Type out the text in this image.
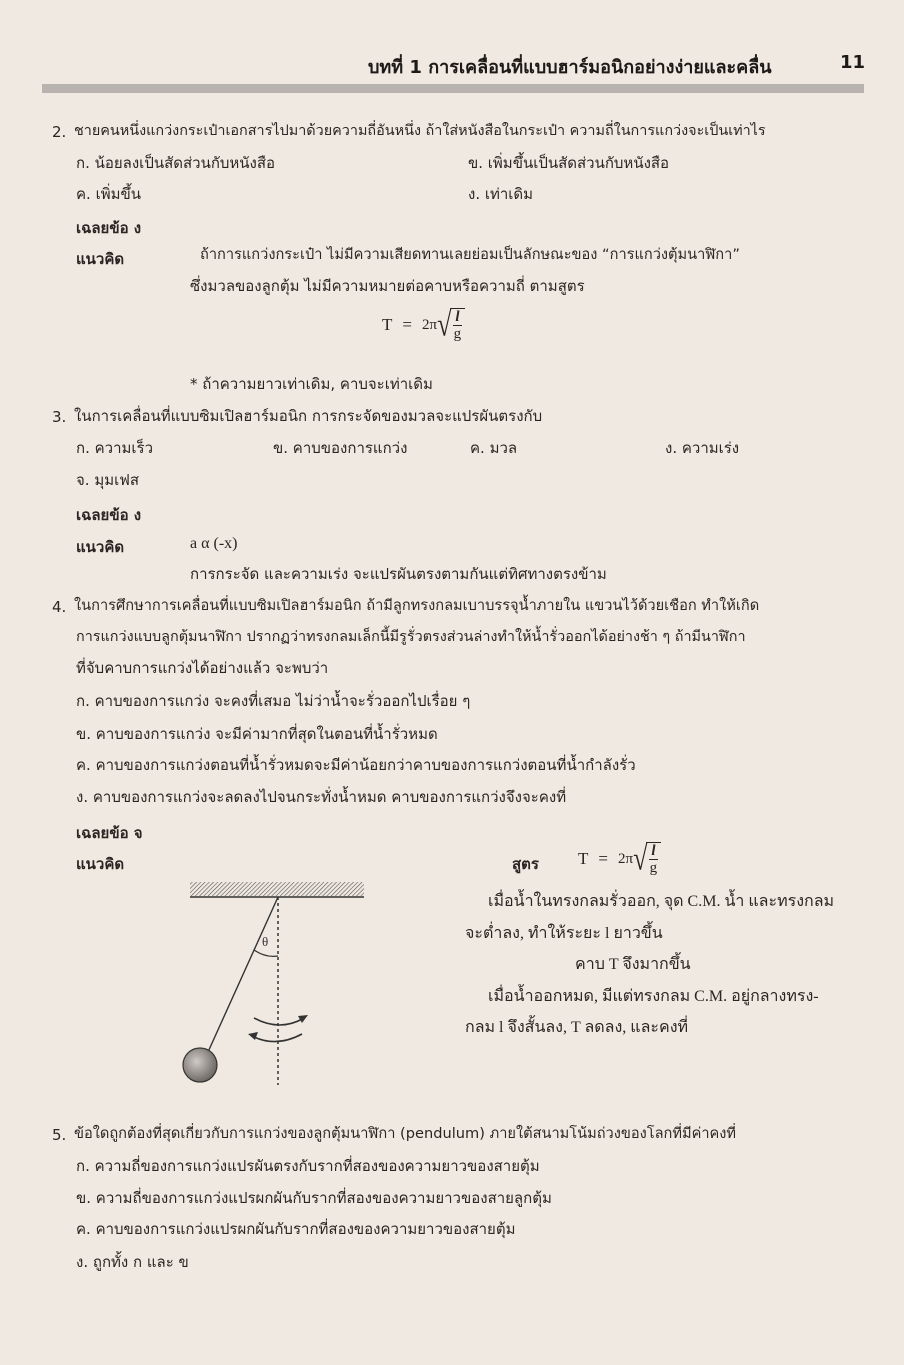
บทที่ 1 การเคลื่อนที่แบบฮาร์มอนิกอย่างง่ายและคลื่น	11
2. ชายคนหนึ่งแกว่งกระเป๋าเอกสารไปมาด้วยความถี่อันหนึ่ง ถ้าใส่หนังสือในกระเป๋า ความถี่ในการแกว่งจะเป็นเท่าไร
ก. น้อยลงเป็นสัดส่วนกับหนังสือ	ข. เพิ่มขึ้นเป็นสัดส่วนกับหนังสือ
ค. เพิ่มขึ้น	ง. เท่าเดิม
เฉลยข้อ ง
แนวคิด	ถ้าการแกว่งกระเป๋า ไม่มีความเสียดทานเลยย่อมเป็นลักษณะของ “การแกว่งตุ้มนาฬิกา”
ซึ่งมวลของลูกตุ้ม ไม่มีความหมายต่อคาบหรือความถี่ ตามสูตร
T = 2π √ $\frac{l}{g}$
* ถ้าความยาวเท่าเดิม, คาบจะเท่าเดิม
3. ในการเคลื่อนที่แบบซิมเปิลฮาร์มอนิก การกระจัดของมวลจะแปรผันตรงกับ
ก. ความเร็ว	ข. คาบของการแกว่ง	ค. มวล	ง. ความเร่ง
จ. มุมเฟส
เฉลยข้อ ง
แนวคิด	a α (-x)
การกระจัด และความเร่ง จะแปรผันตรงตามกันแต่ทิศทางตรงข้าม
4. ในการศึกษาการเคลื่อนที่แบบซิมเปิลฮาร์มอนิก ถ้ามีลูกทรงกลมเบาบรรจุน้ำภายใน แขวนไว้ด้วยเชือก ทำให้เกิด
การแกว่งแบบลูกตุ้มนาฬิกา ปรากฏว่าทรงกลมเล็กนี้มีรูรั่วตรงส่วนล่างทำให้น้ำรั่วออกได้อย่างช้า ๆ ถ้ามีนาฬิกา
ที่จับคาบการแกว่งได้อย่างแล้ว จะพบว่า
ก. คาบของการแกว่ง จะคงที่เสมอ ไม่ว่าน้ำจะรั่วออกไปเรื่อย ๆ
ข. คาบของการแกว่ง จะมีค่ามากที่สุดในตอนที่น้ำรั่วหมด
ค. คาบของการแกว่งตอนที่น้ำรั่วหมดจะมีค่าน้อยกว่าคาบของการแกว่งตอนที่น้ำกำลังรั่ว
ง. คาบของการแกว่งจะลดลงไปจนกระทั่งน้ำหมด คาบของการแกว่งจึงจะคงที่
เฉลยข้อ จ
แนวคิด	สูตร T = 2π √ $\frac{l}{g}$
θ
เมื่อน้ำในทรงกลมรั่วออก, จุด C.M. น้ำ และทรงกลม
จะต่ำลง, ทำให้ระยะ l ยาวขึ้น
คาบ T จึงมากขึ้น
เมื่อน้ำออกหมด, มีแต่ทรงกลม C.M. อยู่กลางทรง-
กลม l จึงสั้นลง, T ลดลง, และคงที่
5. ข้อใดถูกต้องที่สุดเกี่ยวกับการแกว่งของลูกตุ้มนาฬิกา (pendulum) ภายใต้สนามโน้มถ่วงของโลกที่มีค่าคงที่
ก. ความถี่ของการแกว่งแปรผันตรงกับรากที่สองของความยาวของสายตุ้ม
ข. ความถี่ของการแกว่งแปรผกผันกับรากที่สองของความยาวของสายลูกตุ้ม
ค. คาบของการแกว่งแปรผกผันกับรากที่สองของความยาวของสายตุ้ม
ง. ถูกทั้ง ก และ ข
